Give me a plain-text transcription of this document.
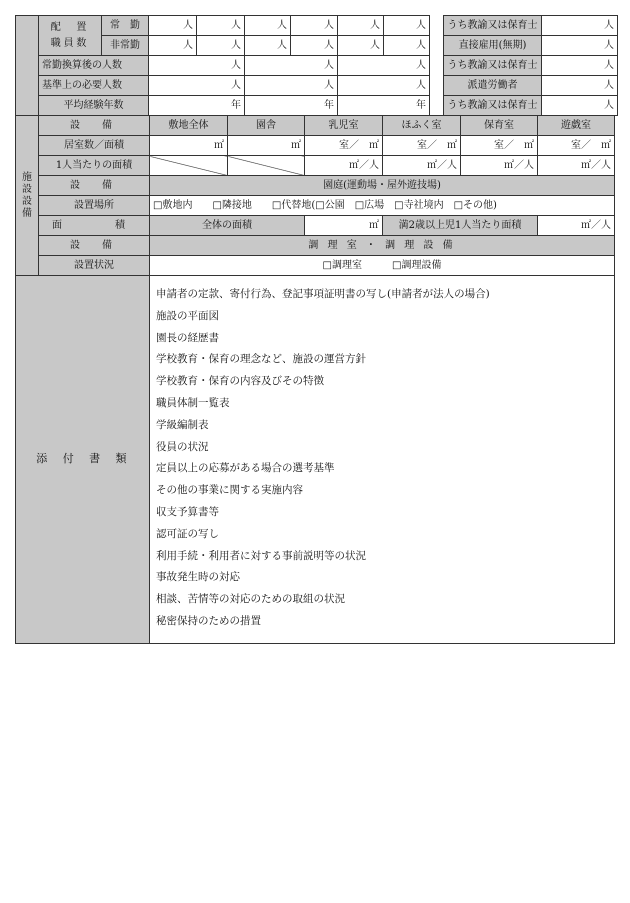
	配　置
職員数	常　勤	人	人	人	人	人	人		うち教諭又は保育士	人
		非常勤	人	人	人	人	人	人		直接雇用(無期)	人
	常勤換算後の人数		人		人		人			うち教諭又は保育士	人
	基準上の必要人数		人		人		人			派遣労働者	人
	平均経験年数		年		年		年			うち教諭又は保育士	人
施
設
設
備	設　備	敷地全体	園舎	乳児室	ほふく室	保育室	遊戯室
	居室数／面積	㎡	㎡	室／　㎡	室／　㎡	室／　㎡	室／　㎡
	1人当たりの面積			㎡／人	㎡／人	㎡／人	㎡／人
	設　備	園庭(運動場・屋外遊技場)					
	設置場所	□敷地内　　□隣接地　　□代替地(□公園　□広場　□寺社境内　□その他)					
	面　　積	全体の面積		㎡	満2歳以上児1人当たり面積		㎡／人
	設　備	調 理 室 ・ 調 理 設 備					
	設置状況	□調理室　　　□調理設備					
添　付　書　類	
申請者の定款、寄付行為、登記事項証明書の写し(申請者が法人の場合)
施設の平面図
園長の経歴書
学校教育・保育の理念など、施設の運営方針
学校教育・保育の内容及びその特徴
職員体制一覧表
学級編制表
役員の状況
定員以上の応募がある場合の選考基準
その他の事業に関する実施内容
収支予算書等
認可証の写し
利用手続・利用者に対する事前説明等の状況
事故発生時の対応
相談、苦情等の対応のための取組の状況
秘密保持のための措置
